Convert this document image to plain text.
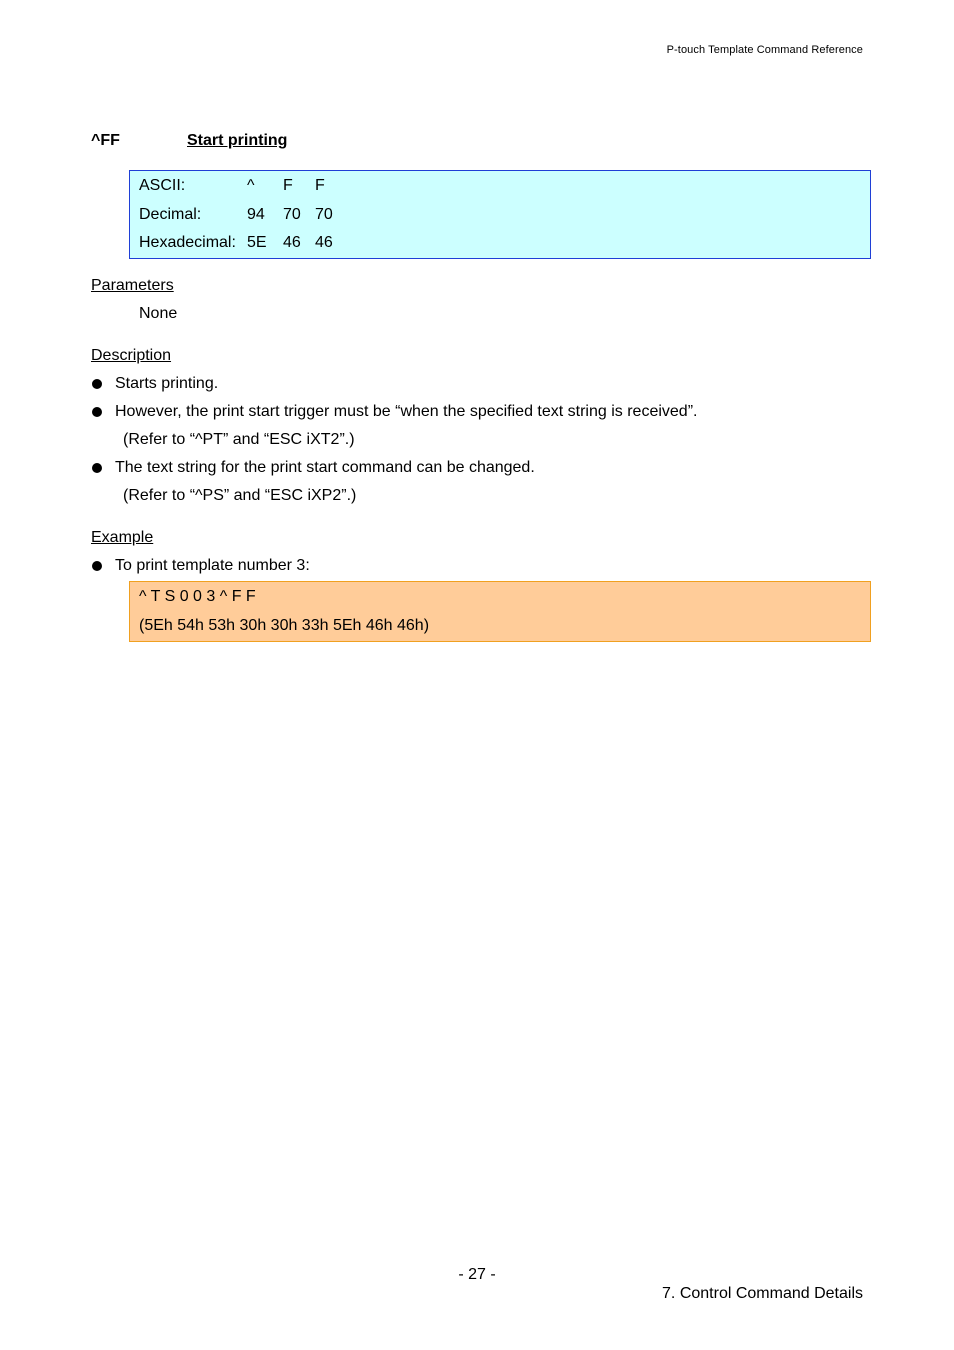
P-touch Template Command Reference
^FF	Start printing
ASCII:	^ F F
Decimal:	94 70 70
Hexadecimal: 5E 46 46
Parameters
None
Description
Starts printing.
However, the print start trigger must be “when the specified text string is received”.
(Refer to “^PT” and “ESC iXT2”.)
The text string for the print start command can be changed.
(Refer to “^PS” and “ESC iXP2”.)
Example
To print template number 3:
^ T S 0 0 3 ^ F F
(5Eh 54h 53h 30h 30h 33h 5Eh 46h 46h)
- 27 -
7. Control Command Details
